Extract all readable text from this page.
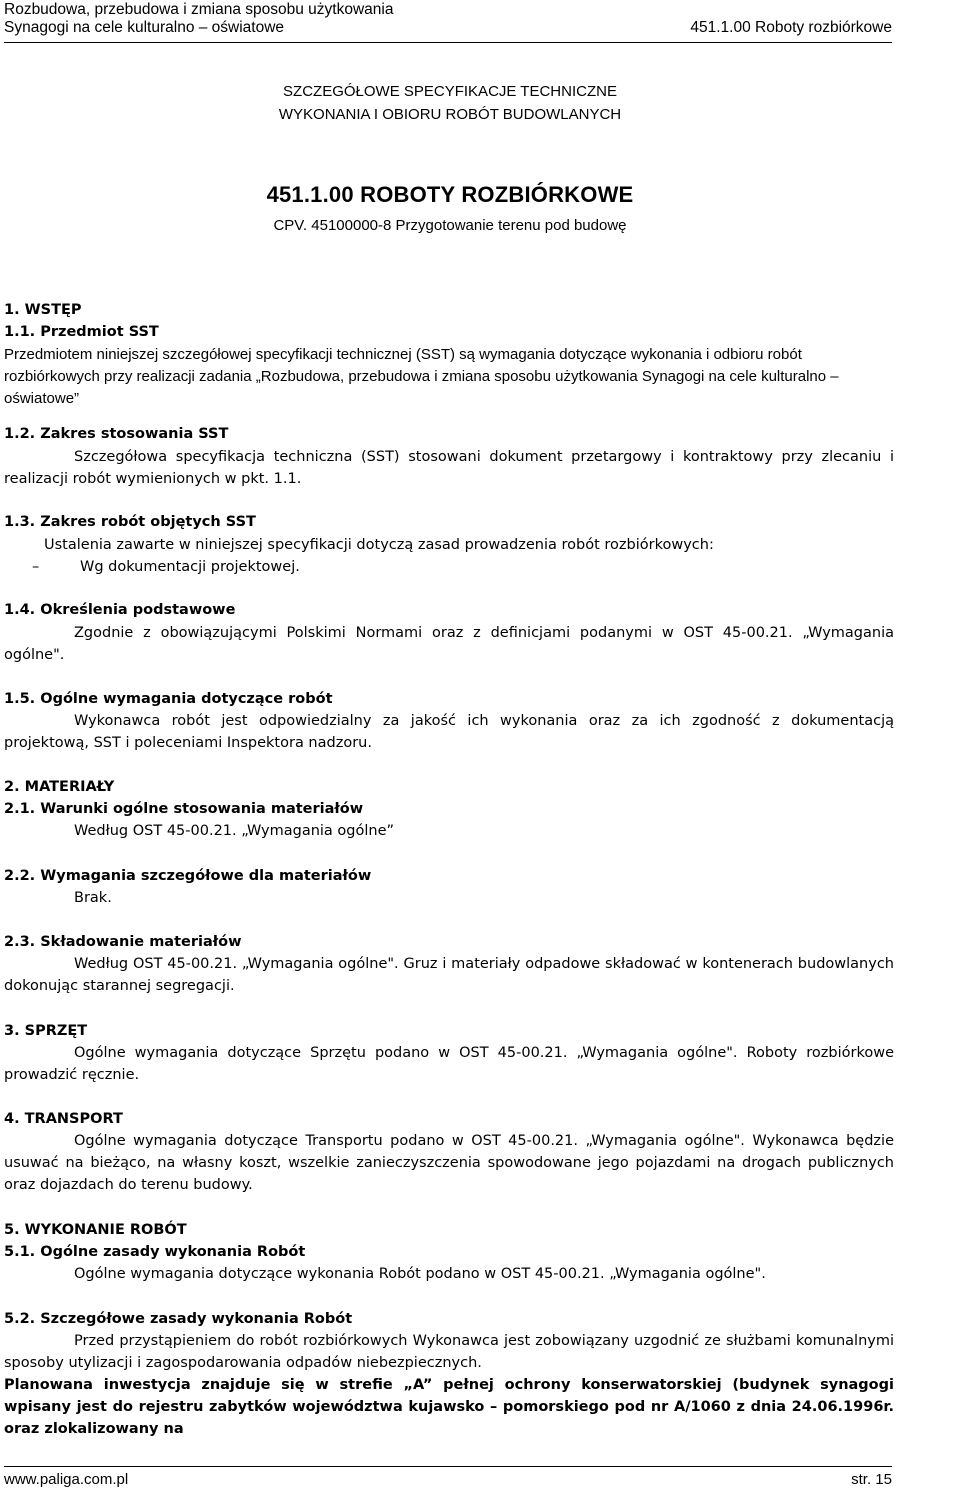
Rozbudowa, przebudowa i zmiana sposobu użytkowania
Synagogi na cele kulturalno – oświatowe	451.1.00 Roboty rozbiórkowe
SZCZEGÓŁOWE SPECYFIKACJE TECHNICZNE
WYKONANIA I OBIORU ROBÓT BUDOWLANYCH
451.1.00 ROBOTY ROZBIÓRKOWE
CPV. 45100000-8 Przygotowanie terenu pod budowę
1. WSTĘP
1.1. Przedmiot SST
Przedmiotem niniejszej szczegółowej specyfikacji technicznej (SST) są wymagania dotyczące wykonania i odbioru robót rozbiórkowych przy realizacji zadania „Rozbudowa, przebudowa i zmiana sposobu użytkowania Synagogi na cele kulturalno – oświatowe”
1.2. Zakres stosowania SST
Szczegółowa specyfikacja techniczna (SST) stosowani dokument przetargowy i kontraktowy przy zlecaniu i realizacji robót wymienionych w pkt. 1.1.
1.3. Zakres robót objętych SST
Ustalenia zawarte w niniejszej specyfikacji dotyczą zasad prowadzenia robót rozbiórkowych:
– Wg dokumentacji projektowej.
1.4. Określenia podstawowe
Zgodnie z obowiązującymi Polskimi Normami oraz z definicjami podanymi w OST 45-00.21. „Wymagania ogólne".
1.5. Ogólne wymagania dotyczące robót
Wykonawca robót jest odpowiedzialny za jakość ich wykonania oraz za ich zgodność z dokumentacją projektową, SST i poleceniami Inspektora nadzoru.
2. MATERIAŁY
2.1. Warunki ogólne stosowania materiałów
Według OST 45-00.21. „Wymagania ogólne”
2.2. Wymagania szczegółowe dla materiałów
Brak.
2.3. Składowanie materiałów
Według OST 45-00.21. „Wymagania ogólne". Gruz i materiały odpadowe składować w kontenerach budowlanych dokonując starannej segregacji.
3. SPRZĘT
Ogólne wymagania dotyczące Sprzętu podano w OST 45-00.21. „Wymagania ogólne". Roboty rozbiórkowe prowadzić ręcznie.
4. TRANSPORT
Ogólne wymagania dotyczące Transportu podano w OST 45-00.21. „Wymagania ogólne". Wykonawca będzie usuwać na bieżąco, na własny koszt, wszelkie zanieczyszczenia spowodowane jego pojazdami na drogach publicznych oraz dojazdach do terenu budowy.
5. WYKONANIE ROBÓT
5.1. Ogólne zasady wykonania Robót
Ogólne wymagania dotyczące wykonania Robót podano w OST 45-00.21. „Wymagania ogólne".
5.2. Szczegółowe zasady wykonania Robót
Przed przystąpieniem do robót rozbiórkowych Wykonawca jest zobowiązany uzgodnić ze służbami komunalnymi sposoby utylizacji i zagospodarowania odpadów niebezpiecznych.
Planowana inwestycja znajduje się w strefie „A” pełnej ochrony konserwatorskiej (budynek synagogi wpisany jest do rejestru zabytków województwa kujawsko – pomorskiego pod nr A/1060 z dnia 24.06.1996r. oraz zlokalizowany na
www.paliga.com.pl	str. 15
